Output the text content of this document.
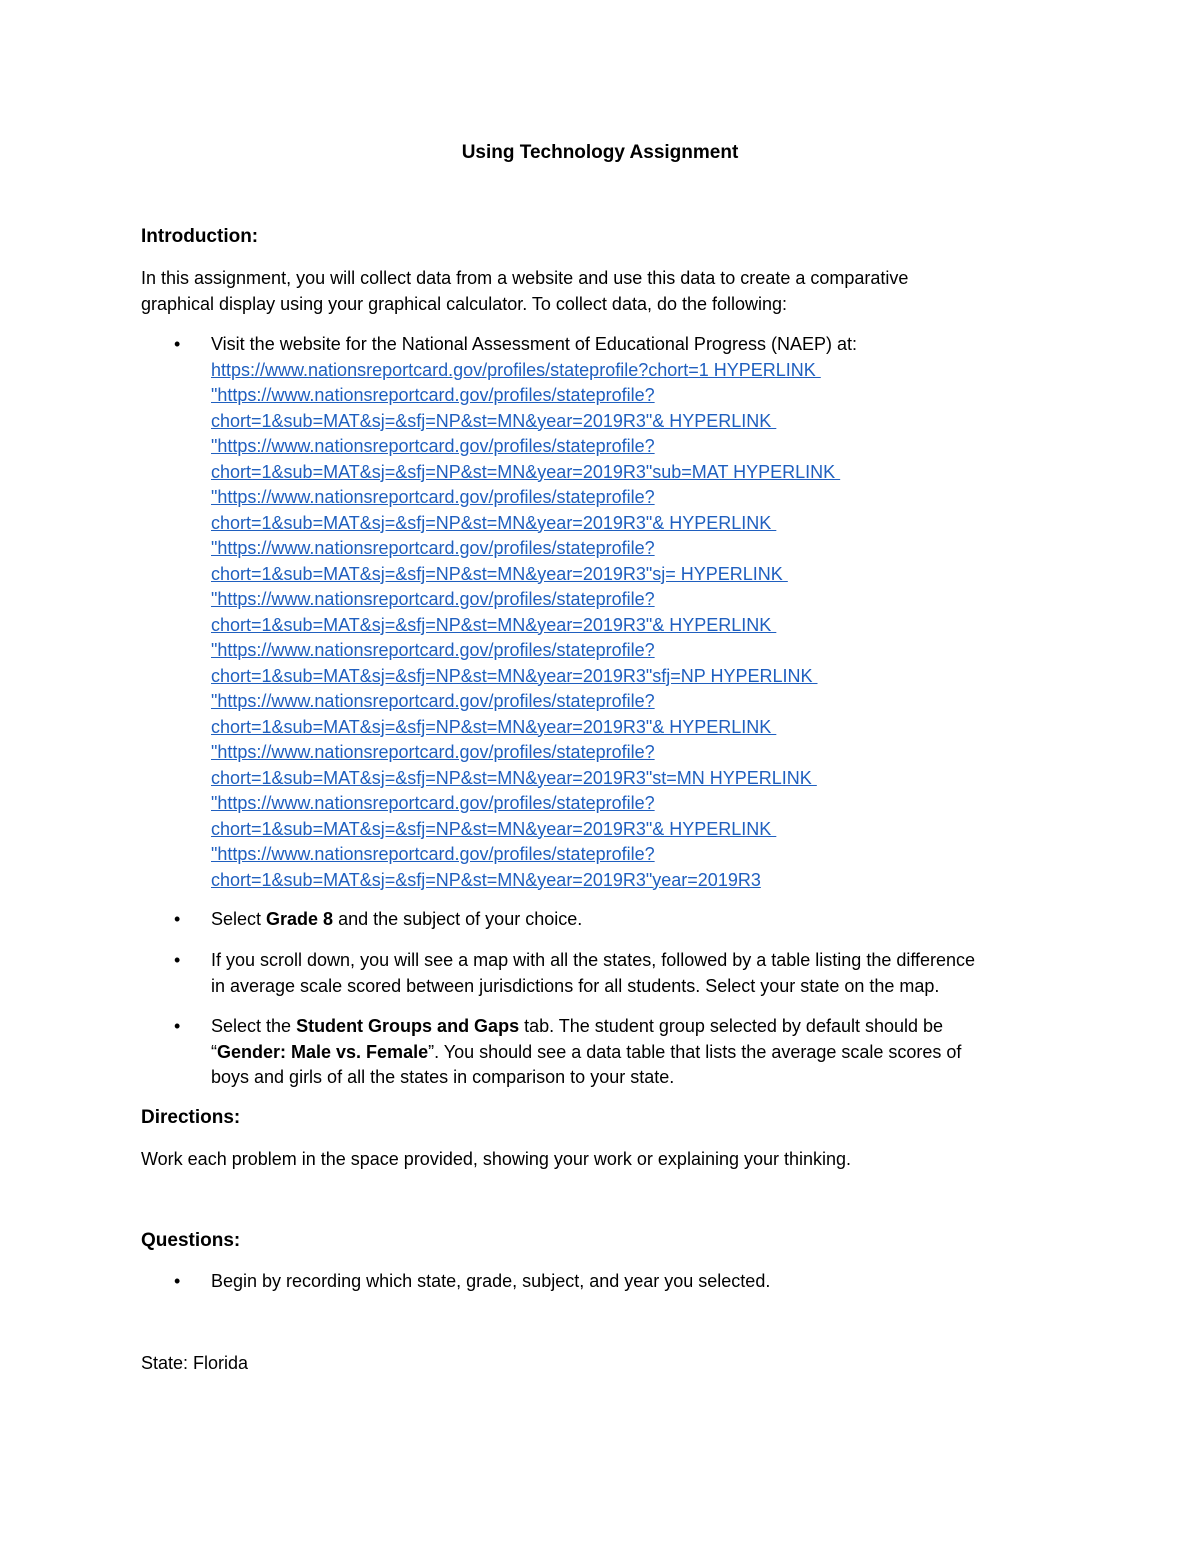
Using Technology Assignment
Introduction:
In this assignment, you will collect data from a website and use this data to create a comparative
graphical display using your graphical calculator. To collect data, do the following:
• Visit the website for the National Assessment of Educational Progress (NAEP) at:
https://www.nationsreportcard.gov/profiles/stateprofile?chort=1 HYPERLINK
"https://www.nationsreportcard.gov/profiles/stateprofile?
chort=1&sub=MAT&sj=&sfj=NP&st=MN&year=2019R3"& HYPERLINK
"https://www.nationsreportcard.gov/profiles/stateprofile?
chort=1&sub=MAT&sj=&sfj=NP&st=MN&year=2019R3"sub=MAT HYPERLINK
"https://www.nationsreportcard.gov/profiles/stateprofile?
chort=1&sub=MAT&sj=&sfj=NP&st=MN&year=2019R3"& HYPERLINK
"https://www.nationsreportcard.gov/profiles/stateprofile?
chort=1&sub=MAT&sj=&sfj=NP&st=MN&year=2019R3"sj= HYPERLINK
"https://www.nationsreportcard.gov/profiles/stateprofile?
chort=1&sub=MAT&sj=&sfj=NP&st=MN&year=2019R3"& HYPERLINK
"https://www.nationsreportcard.gov/profiles/stateprofile?
chort=1&sub=MAT&sj=&sfj=NP&st=MN&year=2019R3"sfj=NP HYPERLINK
"https://www.nationsreportcard.gov/profiles/stateprofile?
chort=1&sub=MAT&sj=&sfj=NP&st=MN&year=2019R3"& HYPERLINK
"https://www.nationsreportcard.gov/profiles/stateprofile?
chort=1&sub=MAT&sj=&sfj=NP&st=MN&year=2019R3"st=MN HYPERLINK
"https://www.nationsreportcard.gov/profiles/stateprofile?
chort=1&sub=MAT&sj=&sfj=NP&st=MN&year=2019R3"& HYPERLINK
"https://www.nationsreportcard.gov/profiles/stateprofile?
chort=1&sub=MAT&sj=&sfj=NP&st=MN&year=2019R3"year=2019R3
• Select Grade 8 and the subject of your choice.
• If you scroll down, you will see a map with all the states, followed by a table listing the difference
in average scale scored between jurisdictions for all students. Select your state on the map.
• Select the Student Groups and Gaps tab. The student group selected by default should be
“Gender: Male vs. Female”. You should see a data table that lists the average scale scores of
boys and girls of all the states in comparison to your state.
Directions:
Work each problem in the space provided, showing your work or explaining your thinking.
Questions:
• Begin by recording which state, grade, subject, and year you selected.
State: Florida
